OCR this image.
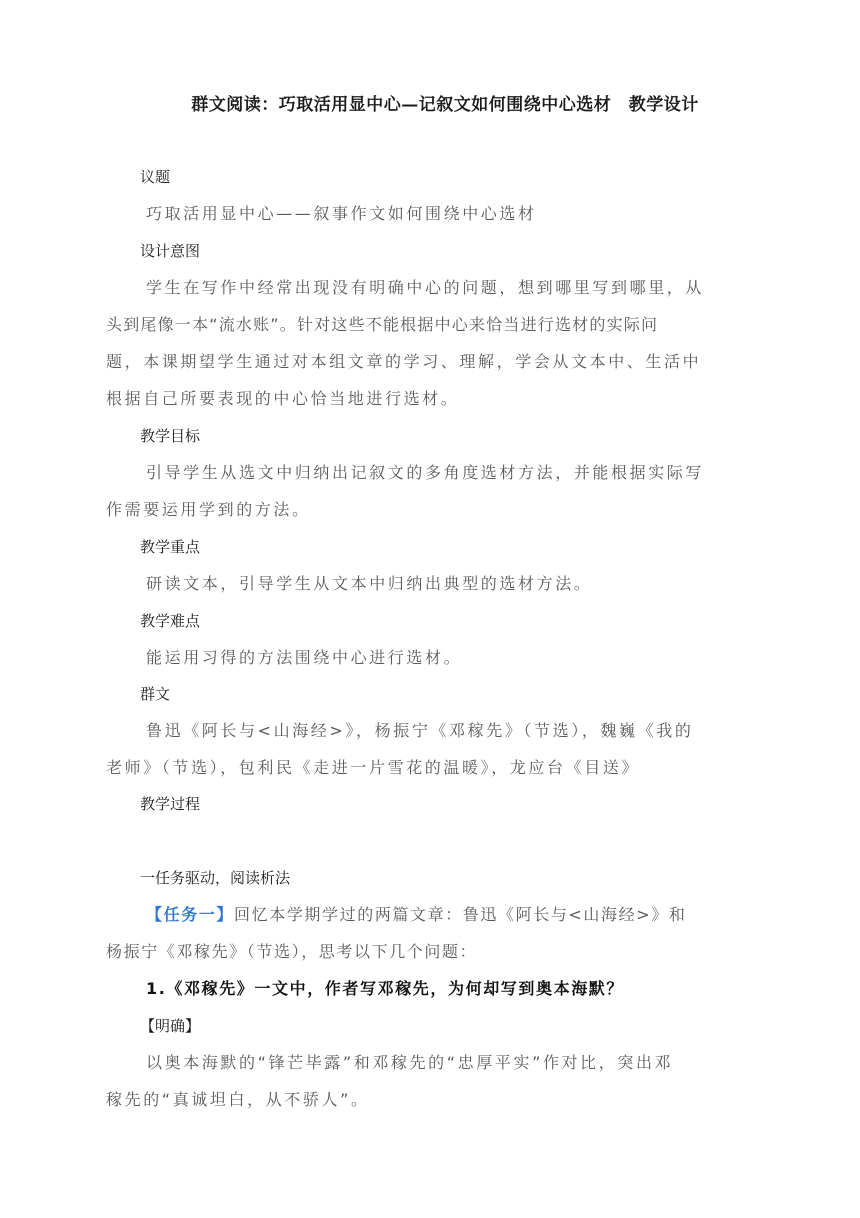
群文阅读：巧取活用显中心—记叙文如何围绕中心选材　教学设计
议题
巧取活用显中心——叙事作文如何围绕中心选材
设计意图
学生在写作中经常出现没有明确中心的问题，想到哪里写到哪里，从
头到尾像一本“流水账”。针对这些不能根据中心来恰当进行选材的实际问
题，本课期望学生通过对本组文章的学习、理解，学会从文本中、生活中
根据自己所要表现的中心恰当地进行选材。
教学目标
引导学生从选文中归纳出记叙文的多角度选材方法，并能根据实际写
作需要运用学到的方法。
教学重点
研读文本，引导学生从文本中归纳出典型的选材方法。
教学难点
能运用习得的方法围绕中心进行选材。
群文
鲁迅《阿长与<山海经>》，杨振宁《邓稼先》（节选），魏巍《我的
老师》（节选），包利民《走进一片雪花的温暖》，龙应台《目送》
教学过程
一任务驱动，阅读析法
【任务一】回忆本学期学过的两篇文章：鲁迅《阿长与<山海经>》和
杨振宁《邓稼先》（节选），思考以下几个问题：
1.《邓稼先》一文中，作者写邓稼先，为何却写到奥本海默？
【明确】
以奥本海默的“锋芒毕露”和邓稼先的“忠厚平实”作对比，突出邓
稼先的“真诚坦白，从不骄人”。
